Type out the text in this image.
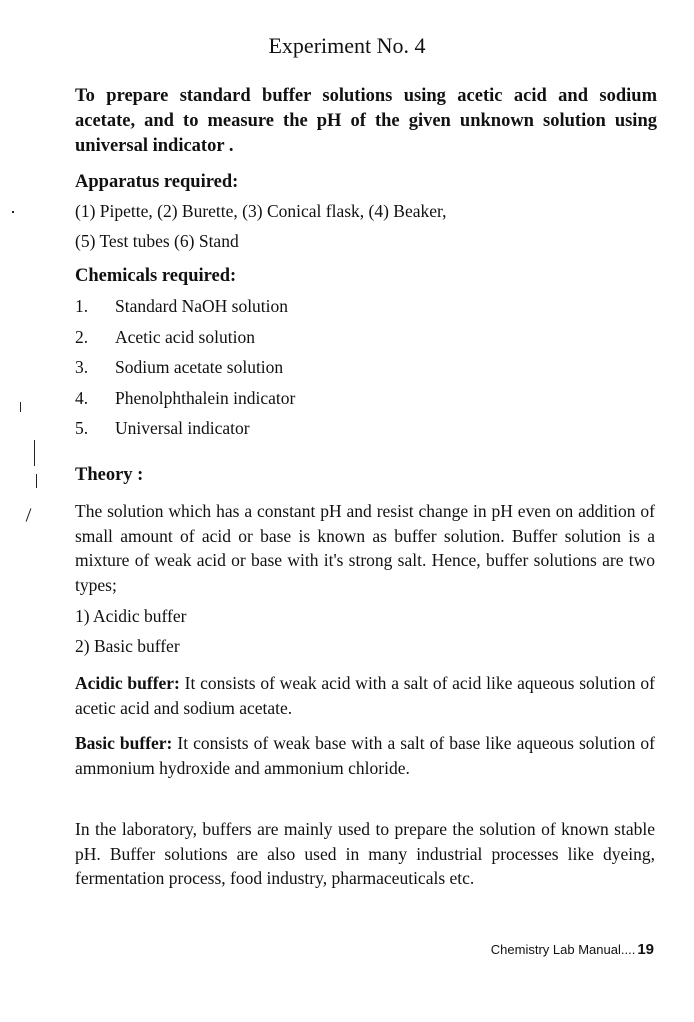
Experiment No. 4

To prepare standard buffer solutions using acetic acid and sodium acetate, and to measure the pH of the given unknown solution using universal indicator .

Apparatus required:

(1) Pipette, (2) Burette, (3) Conical flask, (4) Beaker,

(5) Test tubes (6) Stand

Chemicals required:

1. Standard NaOH solution
2. Acetic acid solution
3. Sodium acetate solution
4. Phenolphthalein indicator
5. Universal indicator

Theory :

The solution which has a constant pH and resist change in pH even on addition of small amount of acid or base is known as buffer solution. Buffer solution is a mixture of weak acid or base with it's strong salt. Hence, buffer solutions are two types;

1) Acidic buffer

2) Basic buffer

Acidic buffer: It consists of weak acid with a salt of acid like aqueous solution of acetic acid and sodium acetate.

Basic buffer: It consists of weak base with a salt of base like aqueous solution of ammonium hydroxide and ammonium chloride.

In the laboratory, buffers are mainly used to prepare the solution of known stable pH. Buffer solutions are also used in many industrial processes like dyeing, fermentation process, food industry, pharmaceuticals etc.

Chemistry Lab Manual.... 19
